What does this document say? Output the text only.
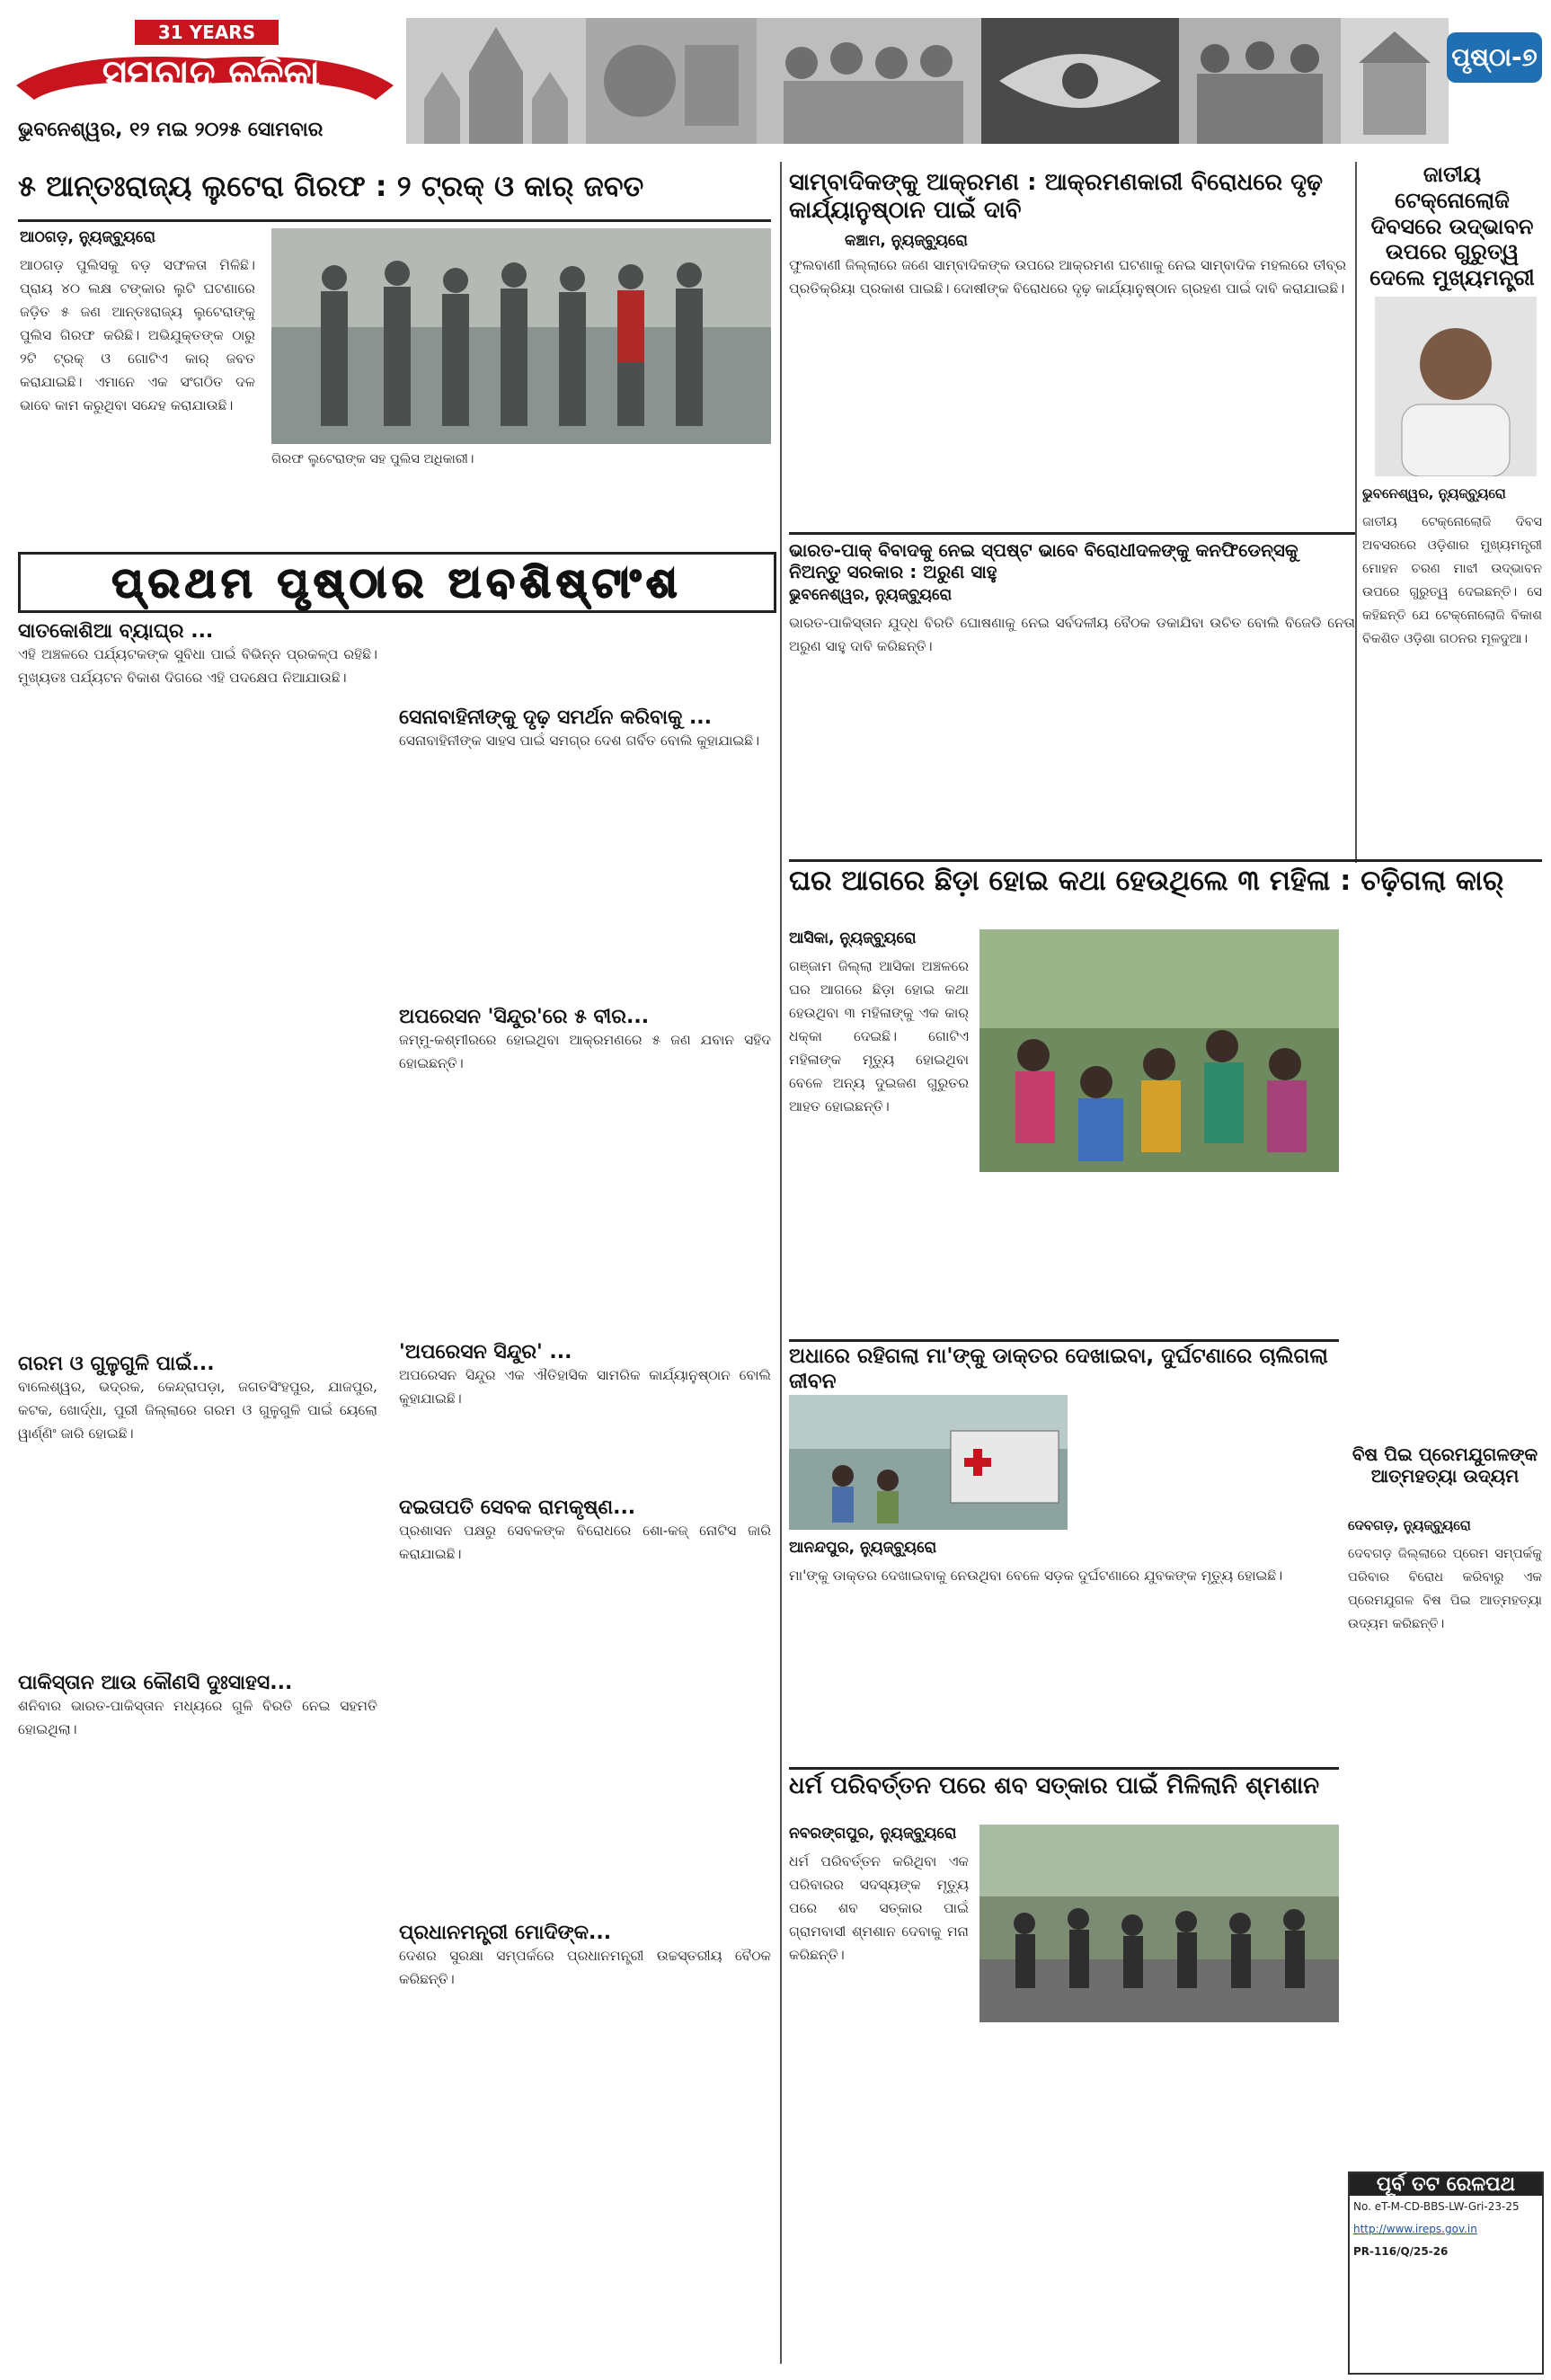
31 YEARS
ସମ୍ବାଦ କଳିକା
ଭୁବନେଶ୍ୱର, ୧୨ ମଇ ୨୦୨୫ ସୋମବାର
ପୃଷ୍ଠା-୭
୫ ଆନ୍ତଃରାଜ୍ୟ ଲୁଟେରା ଗିରଫ : ୨ ଟ୍ରକ୍ ଓ କାର୍ ଜବତ
ଆଠଗଡ଼, ନ୍ୟୁଜ୍‌ବ୍ୟୁରୋ
ଆଠଗଡ଼ ପୁଲିସକୁ ବଡ଼ ସଫଳତା ମିଳିଛି। ପ୍ରାୟ ୪୦ ଲକ୍ଷ ଟଙ୍କାର ଲୁଟି ଘଟଣାରେ ଜଡ଼ିତ ୫ ଜଣ ଆନ୍ତଃରାଜ୍ୟ ଲୁଟେରାଙ୍କୁ ପୁଲିସ ଗିରଫ କରିଛି। ଅଭିଯୁକ୍ତଙ୍କ ଠାରୁ ୨ଟି ଟ୍ରକ୍ ଓ ଗୋଟିଏ କାର୍ ଜବତ କରାଯାଇଛି। ଏମାନେ ଏକ ସଂଗଠିତ ଦଳ ଭାବେ କାମ କରୁଥିବା ସନ୍ଦେହ କରାଯାଉଛି।
ଗିରଫ ଲୁଟେରାଙ୍କ ସହ ପୁଲିସ ଅଧିକାରୀ।
ପ୍ରଥମ ପୃଷ୍ଠାର ଅବଶିଷ୍ଟାଂଶ
ସାତକୋଶିଆ ବ୍ୟାଘ୍ର ...
ଏହି ଅଞ୍ଚଳରେ ପର୍ଯ୍ୟଟକଙ୍କ ସୁବିଧା ପାଇଁ ବିଭିନ୍ନ ପ୍ରକଳ୍ପ ରହିଛି। ମୁଖ୍ୟତଃ ପର୍ଯ୍ୟଟନ ବିକାଶ ଦିଗରେ ଏହି ପଦକ୍ଷେପ ନିଆଯାଉଛି।
ଗରମ ଓ ଗୁଳୁଗୁଳି ପାଇଁ...
ବାଲେଶ୍ୱର, ଭଦ୍ରକ, କେନ୍ଦ୍ରାପଡ଼ା, ଜଗତସିଂହପୁର, ଯାଜପୁର, କଟକ, ଖୋର୍ଦ୍ଧା, ପୁରୀ ଜିଲ୍ଲାରେ ଗରମ ଓ ଗୁଳୁଗୁଳି ପାଇଁ ୟେଲୋ ୱାର୍ଣ୍ଣିଂ ଜାରି ହୋଇଛି।
ପାକିସ୍ତାନ ଆଉ କୌଣସି ଦୁଃସାହସ...
ଶନିବାର ଭାରତ-ପାକିସ୍ତାନ ମଧ୍ୟରେ ଗୁଳି ବିରତି ନେଇ ସହମତି ହୋଇଥିଲା।
ସେନାବାହିନୀଙ୍କୁ ଦୃଢ଼ ସମର୍ଥନ କରିବାକୁ ...
ସେନାବାହିନୀଙ୍କ ସାହସ ପାଇଁ ସମଗ୍ର ଦେଶ ଗର୍ବିତ ବୋଲି କୁହାଯାଇଛି।
ଅପରେସନ 'ସିନ୍ଦୁର'ରେ ୫ ବୀର...
ଜମ୍ମୁ-କଶ୍ମୀରରେ ହୋଇଥିବା ଆକ୍ରମଣରେ ୫ ଜଣ ଯବାନ ସହିଦ ହୋଇଛନ୍ତି।
'ଅପରେସନ ସିନ୍ଦୁର' ...
ଅପରେସନ ସିନ୍ଦୁର ଏକ ଐତିହାସିକ ସାମରିକ କାର୍ଯ୍ୟାନୁଷ୍ଠାନ ବୋଲି କୁହାଯାଇଛି।
ଦଇତାପତି ସେବକ ରାମକୃଷ୍ଣ...
ପ୍ରଶାସନ ପକ୍ଷରୁ ସେବକଙ୍କ ବିରୋଧରେ ଶୋ-କଜ୍ ନୋଟିସ ଜାରି କରାଯାଇଛି।
ପ୍ରଧାନମନ୍ତ୍ରୀ ମୋଦିଙ୍କ...
ଦେଶର ସୁରକ୍ଷା ସମ୍ପର୍କରେ ପ୍ରଧାନମନ୍ତ୍ରୀ ଉଚ୍ଚସ୍ତରୀୟ ବୈଠକ କରିଛନ୍ତି।
ସାମ୍ବାଦିକଙ୍କୁ ଆକ୍ରମଣ : ଆକ୍ରମଣକାରୀ ବିରୋଧରେ ଦୃଢ଼ କାର୍ଯ୍ୟାନୁଷ୍ଠାନ ପାଇଁ ଦାବି
କଞ୍ଚାମ, ନ୍ୟୁଜ୍‌ବ୍ୟୁରୋ
ଫୁଲବାଣୀ ଜିଲ୍ଲାରେ ଜଣେ ସାମ୍ବାଦିକଙ୍କ ଉପରେ ଆକ୍ରମଣ ଘଟଣାକୁ ନେଇ ସାମ୍ବାଦିକ ମହଲରେ ତୀବ୍ର ପ୍ରତିକ୍ରିୟା ପ୍ରକାଶ ପାଇଛି। ଦୋଷୀଙ୍କ ବିରୋଧରେ ଦୃଢ଼ କାର୍ଯ୍ୟାନୁଷ୍ଠାନ ଗ୍ରହଣ ପାଇଁ ଦାବି କରାଯାଇଛି।
ଜାତୀୟ ଟେକ୍ନୋଲୋଜି ଦିବସରେ ଉଦ୍ଭାବନ ଉପରେ ଗୁରୁତ୍ୱ ଦେଲେ ମୁଖ୍ୟମନ୍ତ୍ରୀ
ଭୁବନେଶ୍ୱର, ନ୍ୟୁଜ୍‌ବ୍ୟୁରୋ
ଜାତୀୟ ଟେକ୍ନୋଲୋଜି ଦିବସ ଅବସରରେ ଓଡ଼ିଶାର ମୁଖ୍ୟମନ୍ତ୍ରୀ ମୋହନ ଚରଣ ମାଝୀ ଉଦ୍ଭାବନ ଉପରେ ଗୁରୁତ୍ୱ ଦେଇଛନ୍ତି। ସେ କହିଛନ୍ତି ଯେ ଟେକ୍ନୋଲୋଜି ବିକାଶ ବିକଶିତ ଓଡ଼ିଶା ଗଠନର ମୂଳଦୁଆ।
ଭାରତ-ପାକ୍ ବିବାଦକୁ ନେଇ ସ୍ପଷ୍ଟ ଭାବେ ବିରୋଧୀଦଳଙ୍କୁ କନଫିଡେନ୍ସକୁ ନିଅନ୍ତୁ ସରକାର : ଅରୁଣ ସାହୁ
ଭୁବନେଶ୍ୱର, ନ୍ୟୁଜ୍‌ବ୍ୟୁରୋ
ଭାରତ-ପାକିସ୍ତାନ ଯୁଦ୍ଧ ବିରତି ଘୋଷଣାକୁ ନେଇ ସର୍ବଦଳୀୟ ବୈଠକ ଡକାଯିବା ଉଚିତ ବୋଲି ବିଜେଡି ନେତା ଅରୁଣ ସାହୁ ଦାବି କରିଛନ୍ତି।
ଘର ଆଗରେ ଛିଡ଼ା ହୋଇ କଥା ହେଉଥିଲେ ୩ ମହିଳା : ଚଢ଼ିଗଲା କାର୍
ଆସିକା, ନ୍ୟୁଜ୍‌ବ୍ୟୁରୋ
ଗଞ୍ଜାମ ଜିଲ୍ଲା ଆସିକା ଅଞ୍ଚଳରେ ଘର ଆଗରେ ଛିଡ଼ା ହୋଇ କଥା ହେଉଥିବା ୩ ମହିଳାଙ୍କୁ ଏକ କାର୍ ଧକ୍କା ଦେଇଛି। ଗୋଟିଏ ମହିଳାଙ୍କ ମୃତ୍ୟୁ ହୋଇଥିବା ବେଳେ ଅନ୍ୟ ଦୁଇଜଣ ଗୁରୁତର ଆହତ ହୋଇଛନ୍ତି।
ଅଧାରେ ରହିଗଲା ମା'ଙ୍କୁ ଡାକ୍ତର ଦେଖାଇବା, ଦୁର୍ଘଟଣାରେ ଚାଲିଗଲା ଜୀବନ
ଆନନ୍ଦପୁର, ନ୍ୟୁଜ୍‌ବ୍ୟୁରୋ
ମା'ଙ୍କୁ ଡାକ୍ତର ଦେଖାଇବାକୁ ନେଉଥିବା ବେଳେ ସଡ଼କ ଦୁର୍ଘଟଣାରେ ଯୁବକଙ୍କ ମୃତ୍ୟୁ ହୋଇଛି।
ବିଷ ପିଇ ପ୍ରେମଯୁଗଳଙ୍କ ଆତ୍ମହତ୍ୟା ଉଦ୍ୟମ
ଦେବଗଡ଼, ନ୍ୟୁଜ୍‌ବ୍ୟୁରୋ
ଦେବଗଡ଼ ଜିଲ୍ଲାରେ ପ୍ରେମ ସମ୍ପର୍କକୁ ପରିବାର ବିରୋଧ କରିବାରୁ ଏକ ପ୍ରେମଯୁଗଳ ବିଷ ପିଇ ଆତ୍ମହତ୍ୟା ଉଦ୍ୟମ କରିଛନ୍ତି।
ଧର୍ମ ପରିବର୍ତ୍ତନ ପରେ ଶବ ସତ୍କାର ପାଇଁ ମିଳିଲାନି ଶ୍ମଶାନ
ନବରଙ୍ଗପୁର, ନ୍ୟୁଜ୍‌ବ୍ୟୁରୋ
ଧର୍ମ ପରିବର୍ତ୍ତନ କରିଥିବା ଏକ ପରିବାରର ସଦସ୍ୟଙ୍କ ମୃତ୍ୟୁ ପରେ ଶବ ସତ୍କାର ପାଇଁ ଗ୍ରାମବାସୀ ଶ୍ମଶାନ ଦେବାକୁ ମନା କରିଛନ୍ତି।
ପୂର୍ବ ତଟ ରେଳପଥ
No. eT-M-CD-BBS-LW-Gri-23-25
http://www.ireps.gov.in
PR-116/Q/25-26
